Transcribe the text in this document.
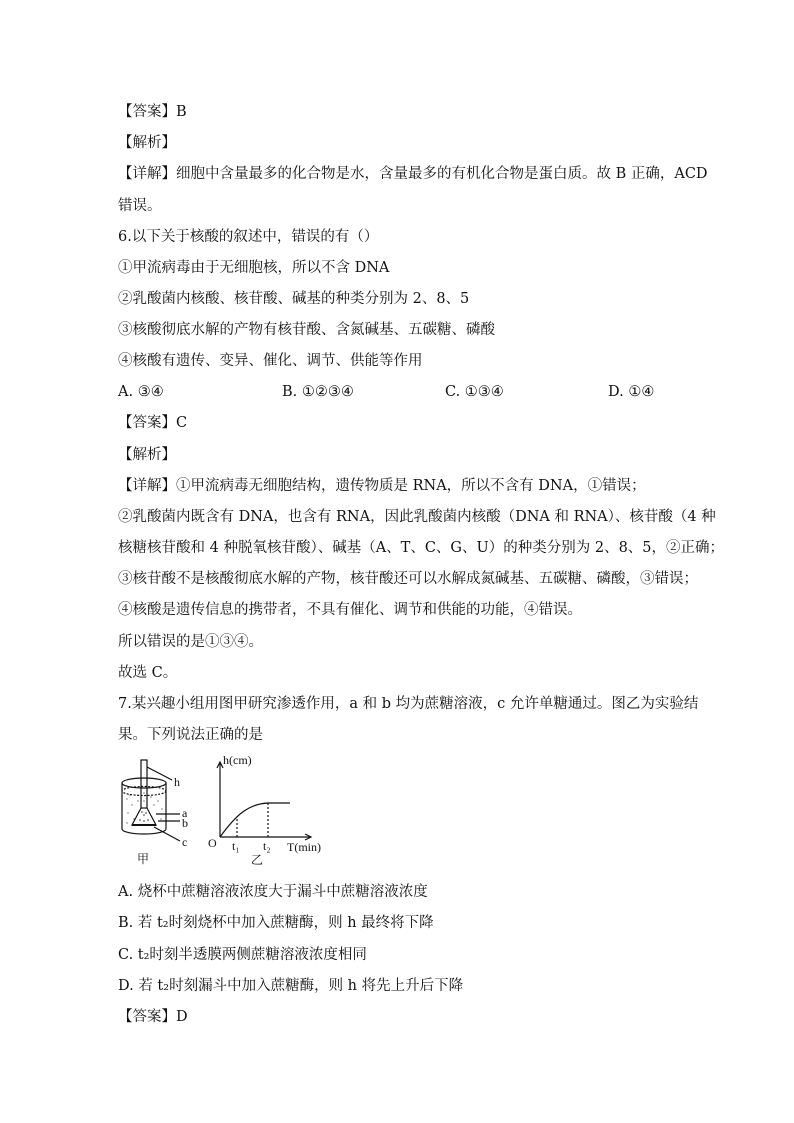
【答案】B
【解析】
【详解】细胞中含量最多的化合物是水，含量最多的有机化合物是蛋白质。故 B 正确，ACD
错误。
6.以下关于核酸的叙述中，错误的有（）
①甲流病毒由于无细胞核，所以不含 DNA
②乳酸菌内核酸、核苷酸、碱基的种类分别为 2、8、5
③核酸彻底水解的产物有核苷酸、含氮碱基、五碳糖、磷酸
④核酸有遗传、变异、催化、调节、供能等作用
A. ③④	B. ①②③④	C. ①③④	D. ①④
【答案】C
【解析】
【详解】①甲流病毒无细胞结构，遗传物质是 RNA，所以不含有 DNA，①错误；
②乳酸菌内既含有 DNA，也含有 RNA，因此乳酸菌内核酸（DNA 和 RNA）、核苷酸（4 种
核糖核苷酸和 4 种脱氧核苷酸）、碱基（A、T、C、G、U）的种类分别为 2、8、5，②正确；
③核苷酸不是核酸彻底水解的产物，核苷酸还可以水解成氮碱基、五碳糖、磷酸，③错误；
④核酸是遗传信息的携带者，不具有催化、调节和供能的功能，④错误。
所以错误的是①③④。
故选 C。
7.某兴趣小组用图甲研究渗透作用，a 和 b 均为蔗糖溶液，c 允许单糖通过。图乙为实验结
果。下列说法正确的是
h
a
b
c
甲
h(cm)
O t₁ t₂ T(min)
乙
A. 烧杯中蔗糖溶液浓度大于漏斗中蔗糖溶液浓度
B. 若 t₂时刻烧杯中加入蔗糖酶，则 h 最终将下降
C. t₂时刻半透膜两侧蔗糖溶液浓度相同
D. 若 t₂时刻漏斗中加入蔗糖酶，则 h 将先上升后下降
【答案】D
